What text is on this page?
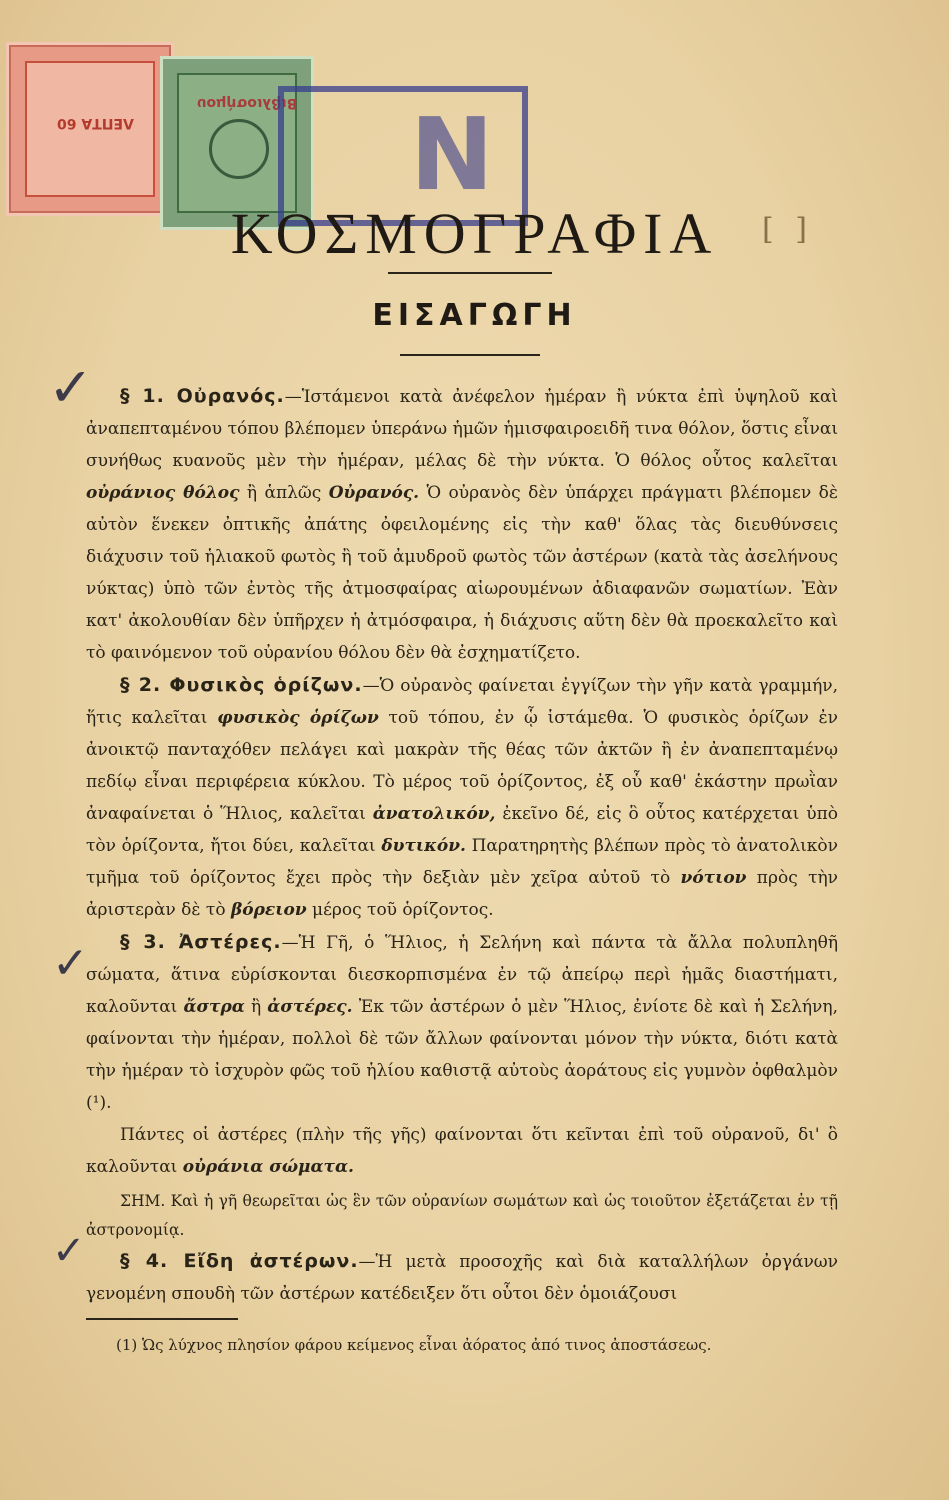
ΛΕΠΤΑ 60
Βιβλιοσήμου N
[ ]
ΚΟΣΜΟΓΡΑΦΙΑ
ΕΙΣΑΓΩΓΗ
✓
✓
✓

§ 1. Οὐρανός.—Ἱστάμενοι κατὰ ἀνέφελον ἡμέραν ἢ νύκτα ἐπὶ ὑψηλοῦ καὶ ἀναπεπταμένου τόπου βλέπομεν ὑπεράνω ἡμῶν ἡμισφαιροειδῆ τινα θόλον, ὅστις εἶναι συνήθως κυανοῦς μὲν τὴν ἡμέραν, μέλας δὲ τὴν νύκτα. Ὁ θόλος οὗτος καλεῖται οὐράνιος θόλος ἢ ἁπλῶς Οὐρανός. Ὁ οὐρανὸς δὲν ὑπάρχει πράγματι βλέπομεν δὲ αὐτὸν ἕνεκεν ὀπτικῆς ἀπάτης ὀφειλομένης εἰς τὴν καθ' ὅλας τὰς διευθύνσεις διάχυσιν τοῦ ἡλιακοῦ φωτὸς ἢ τοῦ ἀμυδροῦ φωτὸς τῶν ἀστέρων (κατὰ τὰς ἀσελήνους νύκτας) ὑπὸ τῶν ἐντὸς τῆς ἀτμοσφαίρας αἰωρουμένων ἀδιαφανῶν σωματίων. Ἐὰν κατ' ἀκολουθίαν δὲν ὑπῆρχεν ἡ ἀτμόσφαιρα, ἡ διάχυσις αὕτη δὲν θὰ προεκαλεῖτο καὶ τὸ φαινόμενον τοῦ οὐρανίου θόλου δὲν θὰ ἐσχηματίζετο.

§ 2. Φυσικὸς ὁρίζων.—Ὁ οὐρανὸς φαίνεται ἐγγίζων τὴν γῆν κατὰ γραμμήν, ἥτις καλεῖται φυσικὸς ὁρίζων τοῦ τόπου, ἐν ᾧ ἱστάμεθα. Ὁ φυσικὸς ὁρίζων ἐν ἀνοικτῷ πανταχόθεν πελάγει καὶ μακρὰν τῆς θέας τῶν ἀκτῶν ἢ ἐν ἀναπεπταμένῳ πεδίῳ εἶναι περιφέρεια κύκλου. Τὸ μέρος τοῦ ὁρίζοντος, ἐξ οὗ καθ' ἑκάστην πρωῒαν ἀναφαίνεται ὁ Ἥλιος, καλεῖται ἀνατολικόν, ἐκεῖνο δέ, εἰς ὃ οὗτος κατέρχεται ὑπὸ τὸν ὁρίζοντα, ἤτοι δύει, καλεῖται δυτικόν. Παρατηρητὴς βλέπων πρὸς τὸ ἀνατολικὸν τμῆμα τοῦ ὁρίζοντος ἔχει πρὸς τὴν δεξιὰν μὲν χεῖρα αὐτοῦ τὸ νότιον πρὸς τὴν ἀριστερὰν δὲ τὸ βόρειον μέρος τοῦ ὁρίζοντος.

§ 3. Ἀστέρες.—Ἡ Γῆ, ὁ Ἥλιος, ἡ Σελήνη καὶ πάντα τὰ ἄλλα πολυπληθῆ σώματα, ἅτινα εὑρίσκονται διεσκορπισμένα ἐν τῷ ἀπείρῳ περὶ ἡμᾶς διαστήματι, καλοῦνται ἄστρα ἢ ἀστέρες. Ἐκ τῶν ἀστέρων ὁ μὲν Ἥλιος, ἐνίοτε δὲ καὶ ἡ Σελήνη, φαίνονται τὴν ἡμέραν, πολλοὶ δὲ τῶν ἄλλων φαίνονται μόνον τὴν νύκτα, διότι κατὰ τὴν ἡμέραν τὸ ἰσχυρὸν φῶς τοῦ ἡλίου καθιστᾷ αὐτοὺς ἀοράτους εἰς γυμνὸν ὀφθαλμὸν (¹).

Πάντες οἱ ἀστέρες (πλὴν τῆς γῆς) φαίνονται ὅτι κεῖνται ἐπὶ τοῦ οὐρανοῦ, δι' ὃ καλοῦνται οὐράνια σώματα.

ΣΗΜ. Καὶ ἡ γῆ θεωρεῖται ὡς ἓν τῶν οὐρανίων σωμάτων καὶ ὡς τοιοῦτον ἐξετάζεται ἐν τῇ ἀστρονομίᾳ.

§ 4. Εἴδη ἀστέρων.—Ἡ μετὰ προσοχῆς καὶ διὰ καταλλήλων ὀργάνων γενομένη σπουδὴ τῶν ἀστέρων κατέδειξεν ὅτι οὗτοι δὲν ὁμοιάζουσι

(1) Ὡς λύχνος πλησίον φάρου κείμενος εἶναι ἀόρατος ἀπό τινος ἀποστάσεως.
